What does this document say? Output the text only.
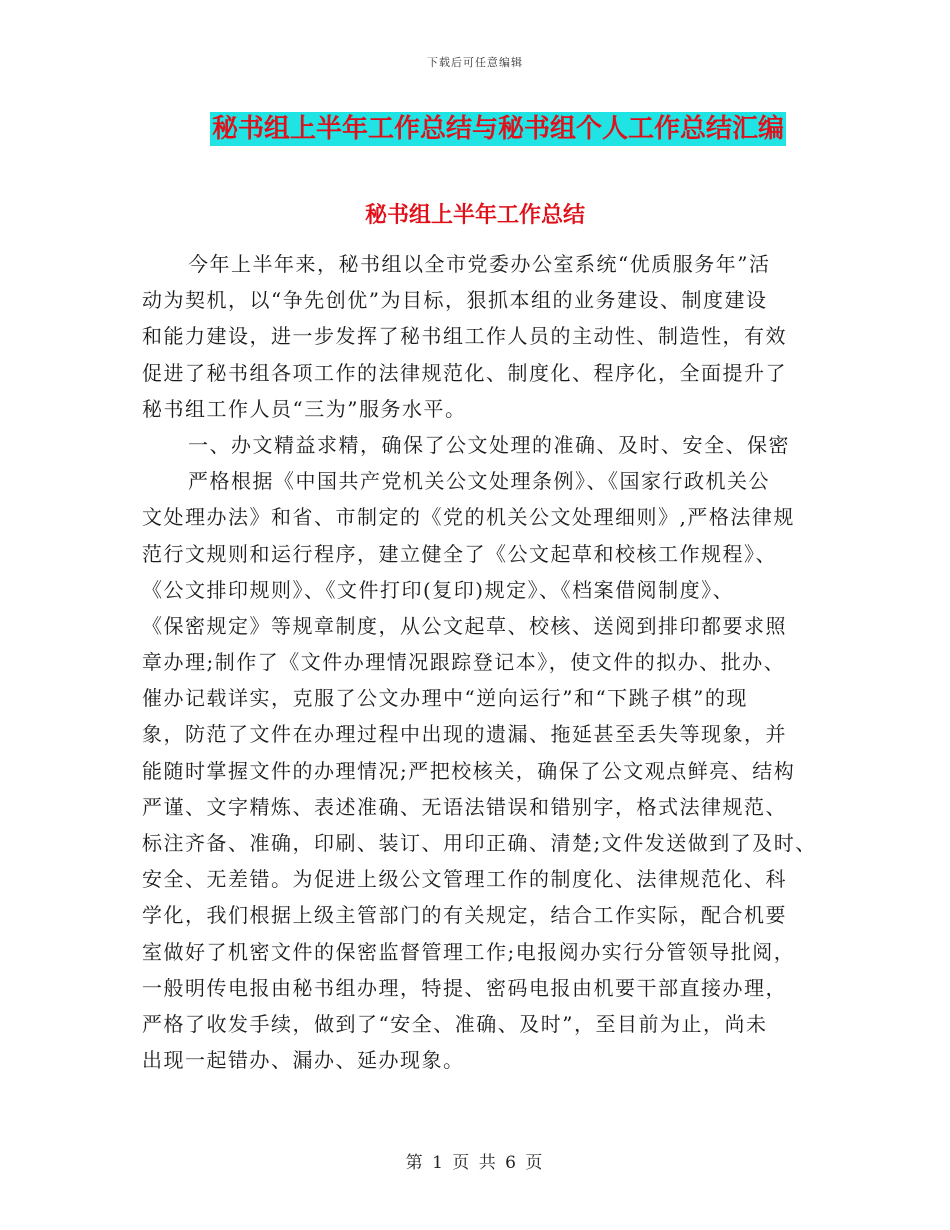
下载后可任意编辑
秘书组上半年工作总结与秘书组个人工作总结汇编
秘书组上半年工作总结
今年上半年来，秘书组以全市党委办公室系统“优质服务年”活
动为契机，以“争先创优”为目标，狠抓本组的业务建设、制度建设
和能力建设，进一步发挥了秘书组工作人员的主动性、制造性，有效
促进了秘书组各项工作的法律规范化、制度化、程序化，全面提升了
秘书组工作人员“三为”服务水平。
一、办文精益求精，确保了公文处理的准确、及时、安全、保密
严格根据《中国共产党机关公文处理条例》、《国家行政机关公
文处理办法》和省、市制定的《党的机关公文处理细则》,严格法律规
范行文规则和运行程序，建立健全了《公文起草和校核工作规程》、
《公文排印规则》、《文件打印(复印)规定》、《档案借阅制度》、
《保密规定》等规章制度，从公文起草、校核、送阅到排印都要求照
章办理;制作了《文件办理情况跟踪登记本》，使文件的拟办、批办、
催办记载详实，克服了公文办理中“逆向运行”和“下跳子棋”的现
象，防范了文件在办理过程中出现的遗漏、拖延甚至丢失等现象，并
能随时掌握文件的办理情况;严把校核关，确保了公文观点鲜亮、结构
严谨、文字精炼、表述准确、无语法错误和错别字，格式法律规范、
标注齐备、准确，印刷、装订、用印正确、清楚;文件发送做到了及时、
安全、无差错。为促进上级公文管理工作的制度化、法律规范化、科
学化，我们根据上级主管部门的有关规定，结合工作实际，配合机要
室做好了机密文件的保密监督管理工作;电报阅办实行分管领导批阅，
一般明传电报由秘书组办理，特提、密码电报由机要干部直接办理，
严格了收发手续，做到了“安全、准确、及时”，至目前为止，尚未
出现一起错办、漏办、延办现象。
第 1 页 共 6 页
